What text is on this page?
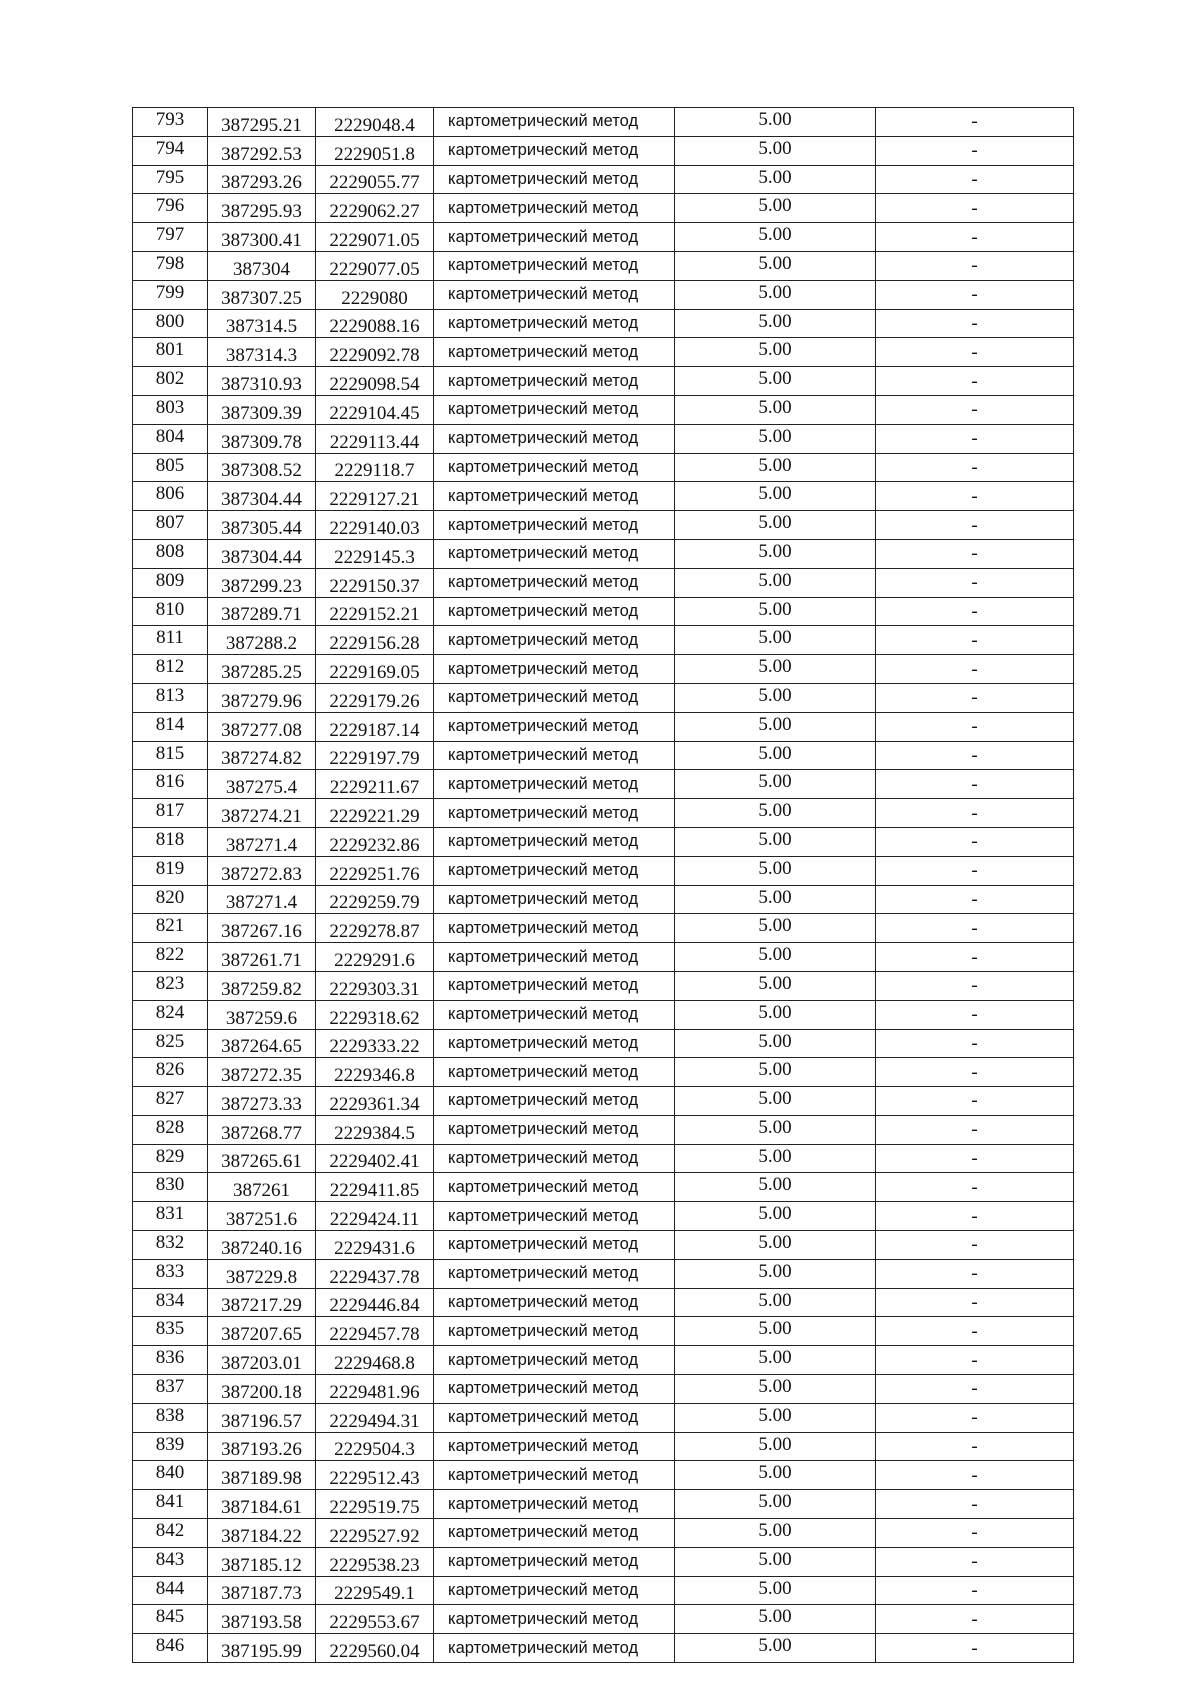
793	387295.21	2229048.4	картометрический метод	5.00	-
794	387292.53	2229051.8	картометрический метод	5.00	-
795	387293.26	2229055.77	картометрический метод	5.00	-
796	387295.93	2229062.27	картометрический метод	5.00	-
797	387300.41	2229071.05	картометрический метод	5.00	-
798	387304	2229077.05	картометрический метод	5.00	-
799	387307.25	2229080	картометрический метод	5.00	-
800	387314.5	2229088.16	картометрический метод	5.00	-
801	387314.3	2229092.78	картометрический метод	5.00	-
802	387310.93	2229098.54	картометрический метод	5.00	-
803	387309.39	2229104.45	картометрический метод	5.00	-
804	387309.78	2229113.44	картометрический метод	5.00	-
805	387308.52	2229118.7	картометрический метод	5.00	-
806	387304.44	2229127.21	картометрический метод	5.00	-
807	387305.44	2229140.03	картометрический метод	5.00	-
808	387304.44	2229145.3	картометрический метод	5.00	-
809	387299.23	2229150.37	картометрический метод	5.00	-
810	387289.71	2229152.21	картометрический метод	5.00	-
811	387288.2	2229156.28	картометрический метод	5.00	-
812	387285.25	2229169.05	картометрический метод	5.00	-
813	387279.96	2229179.26	картометрический метод	5.00	-
814	387277.08	2229187.14	картометрический метод	5.00	-
815	387274.82	2229197.79	картометрический метод	5.00	-
816	387275.4	2229211.67	картометрический метод	5.00	-
817	387274.21	2229221.29	картометрический метод	5.00	-
818	387271.4	2229232.86	картометрический метод	5.00	-
819	387272.83	2229251.76	картометрический метод	5.00	-
820	387271.4	2229259.79	картометрический метод	5.00	-
821	387267.16	2229278.87	картометрический метод	5.00	-
822	387261.71	2229291.6	картометрический метод	5.00	-
823	387259.82	2229303.31	картометрический метод	5.00	-
824	387259.6	2229318.62	картометрический метод	5.00	-
825	387264.65	2229333.22	картометрический метод	5.00	-
826	387272.35	2229346.8	картометрический метод	5.00	-
827	387273.33	2229361.34	картометрический метод	5.00	-
828	387268.77	2229384.5	картометрический метод	5.00	-
829	387265.61	2229402.41	картометрический метод	5.00	-
830	387261	2229411.85	картометрический метод	5.00	-
831	387251.6	2229424.11	картометрический метод	5.00	-
832	387240.16	2229431.6	картометрический метод	5.00	-
833	387229.8	2229437.78	картометрический метод	5.00	-
834	387217.29	2229446.84	картометрический метод	5.00	-
835	387207.65	2229457.78	картометрический метод	5.00	-
836	387203.01	2229468.8	картометрический метод	5.00	-
837	387200.18	2229481.96	картометрический метод	5.00	-
838	387196.57	2229494.31	картометрический метод	5.00	-
839	387193.26	2229504.3	картометрический метод	5.00	-
840	387189.98	2229512.43	картометрический метод	5.00	-
841	387184.61	2229519.75	картометрический метод	5.00	-
842	387184.22	2229527.92	картометрический метод	5.00	-
843	387185.12	2229538.23	картометрический метод	5.00	-
844	387187.73	2229549.1	картометрический метод	5.00	-
845	387193.58	2229553.67	картометрический метод	5.00	-
846	387195.99	2229560.04	картометрический метод	5.00	-
